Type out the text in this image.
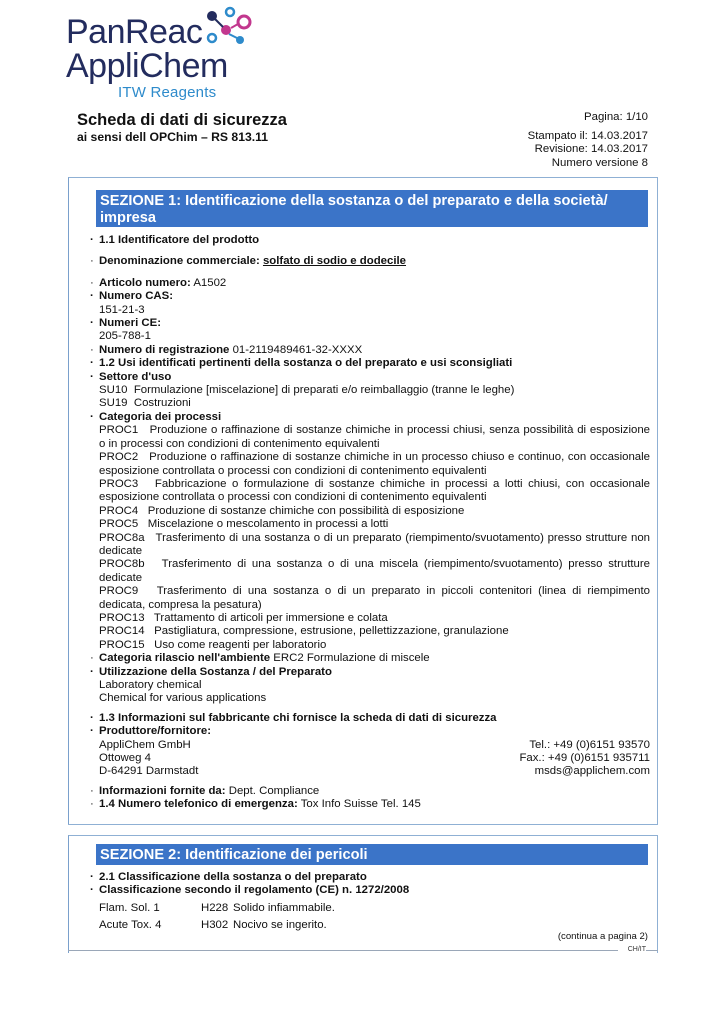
PanReac
AppliChem
ITW Reagents
Scheda di dati di sicurezza
ai sensi dell OPChim – RS 813.11
Pagina: 1/10
Stampato il: 14.03.2017
Revisione: 14.03.2017
Numero versione 8
SEZIONE 1: Identificazione della sostanza o del preparato e della società/
impresa
· 1.1 Identificatore del prodotto
· Denominazione commerciale: solfato di sodio e dodecile
· Articolo numero: A1502
· Numero CAS:
151-21-3
· Numeri CE:
205-788-1
· Numero di registrazione 01-2119489461-32-XXXX
· 1.2 Usi identificati pertinenti della sostanza o del preparato e usi sconsigliati
· Settore d'uso
SU10 Formulazione [miscelazione] di preparati e/o reimballaggio (tranne le leghe)
SU19 Costruzioni
· Categoria dei processi
PROC1 Produzione o raffinazione di sostanze chimiche in processi chiusi, senza possibilità di esposizione o in processi con condizioni di contenimento equivalenti
PROC2 Produzione o raffinazione di sostanze chimiche in un processo chiuso e continuo, con occasionale esposizione controllata o processi con condizioni di contenimento equivalenti
PROC3 Fabbricazione o formulazione di sostanze chimiche in processi a lotti chiusi, con occasionale esposizione controllata o processi con condizioni di contenimento equivalenti
PROC4 Produzione di sostanze chimiche con possibilità di esposizione
PROC5 Miscelazione o mescolamento in processi a lotti
PROC8a Trasferimento di una sostanza o di un preparato (riempimento/svuotamento) presso strutture non dedicate
PROC8b Trasferimento di una sostanza o di una miscela (riempimento/svuotamento) presso strutture dedicate
PROC9 Trasferimento di una sostanza o di un preparato in piccoli contenitori (linea di riempimento dedicata, compresa la pesatura)
PROC13 Trattamento di articoli per immersione e colata
PROC14 Pastigliatura, compressione, estrusione, pellettizzazione, granulazione
PROC15 Uso come reagenti per laboratorio
· Categoria rilascio nell'ambiente ERC2 Formulazione di miscele
· Utilizzazione della Sostanza / del Preparato
Laboratory chemical
Chemical for various applications
· 1.3 Informazioni sul fabbricante chi fornisce la scheda di dati di sicurezza
· Produttore/fornitore:
AppliChem GmbH	Tel.: +49 (0)6151 93570
Ottoweg 4	Fax.: +49 (0)6151 935711
D-64291 Darmstadt	msds@applichem.com
· Informazioni fornite da: Dept. Compliance
· 1.4 Numero telefonico di emergenza: Tox Info Suisse Tel. 145
SEZIONE 2: Identificazione dei pericoli
· 2.1 Classificazione della sostanza o del preparato
· Classificazione secondo il regolamento (CE) n. 1272/2008
Flam. Sol. 1	H228 Solido infiammabile.
Acute Tox. 4	H302 Nocivo se ingerito.
(continua a pagina 2)
CH/IT
